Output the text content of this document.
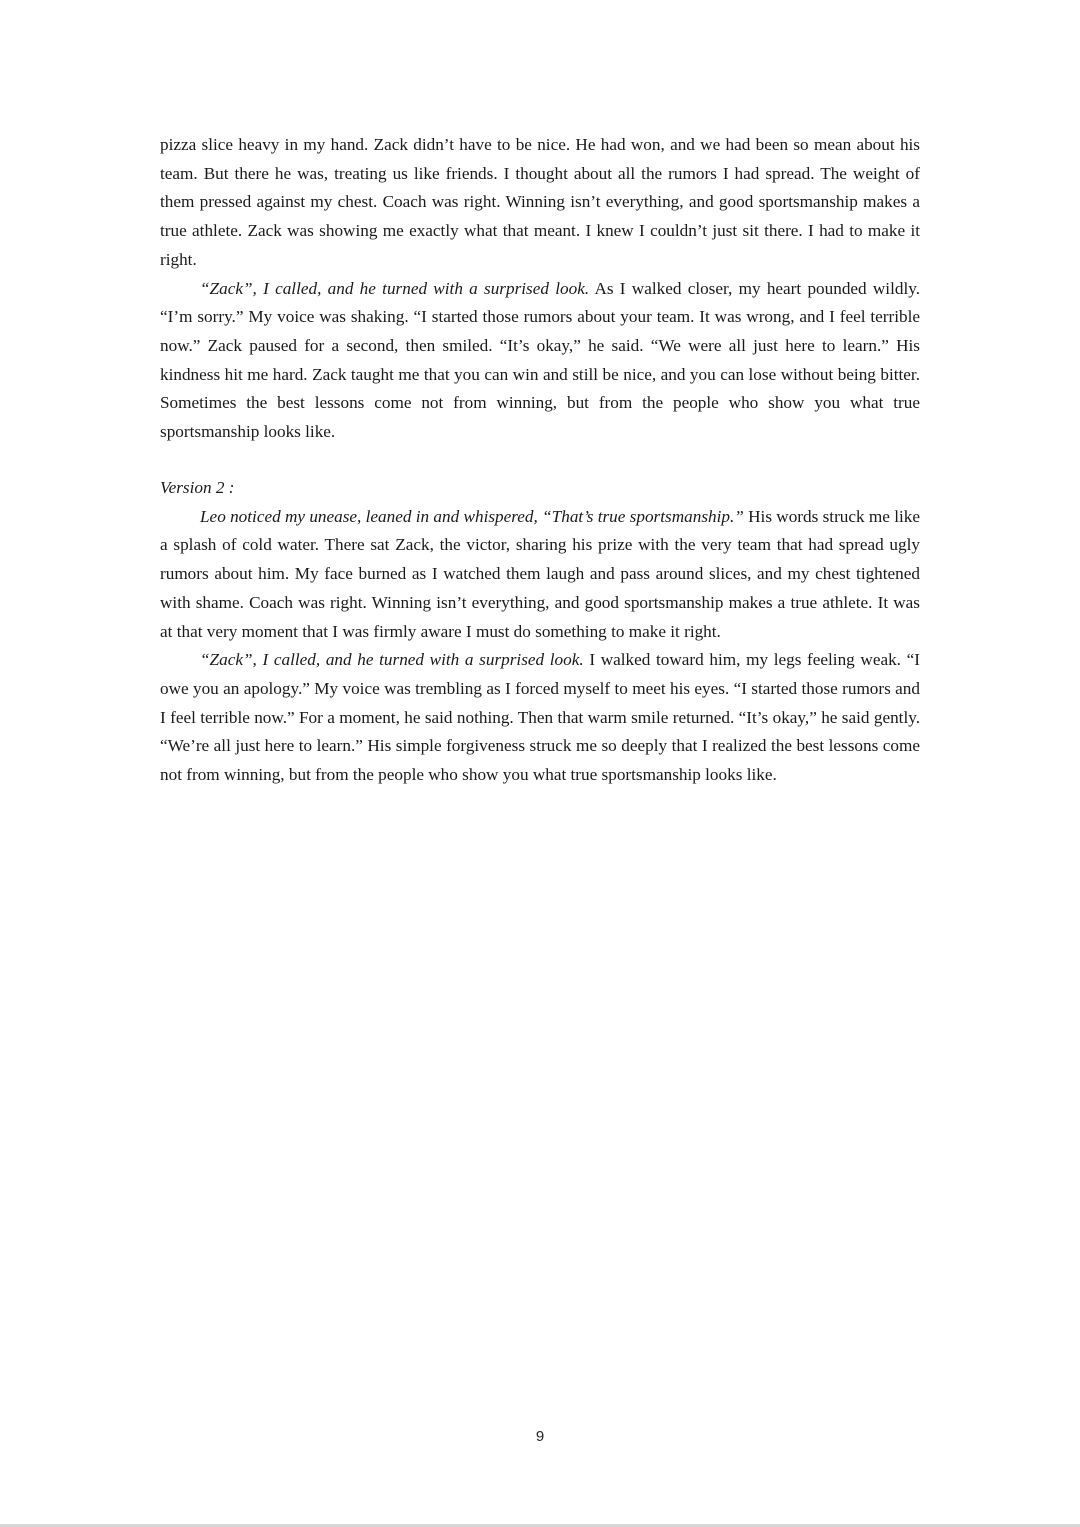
pizza slice heavy in my hand. Zack didn’t have to be nice. He had won, and we had been so mean about his team. But there he was, treating us like friends. I thought about all the rumors I had spread. The weight of them pressed against my chest. Coach was right. Winning isn’t everything, and good sportsmanship makes a true athlete. Zack was showing me exactly what that meant. I knew I couldn’t just sit there. I had to make it right.

“Zack”, I called, and he turned with a surprised look. As I walked closer, my heart pounded wildly. “I’m sorry.” My voice was shaking. “I started those rumors about your team. It was wrong, and I feel terrible now.” Zack paused for a second, then smiled. “It’s okay,” he said. “We were all just here to learn.” His kindness hit me hard. Zack taught me that you can win and still be nice, and you can lose without being bitter. Sometimes the best lessons come not from winning, but from the people who show you what true sportsmanship looks like.

Version 2 :

Leo noticed my unease, leaned in and whispered, “That’s true sportsmanship.” His words struck me like a splash of cold water. There sat Zack, the victor, sharing his prize with the very team that had spread ugly rumors about him. My face burned as I watched them laugh and pass around slices, and my chest tightened with shame. Coach was right. Winning isn’t everything, and good sportsmanship makes a true athlete. It was at that very moment that I was firmly aware I must do something to make it right.

“Zack”, I called, and he turned with a surprised look. I walked toward him, my legs feeling weak. “I owe you an apology.” My voice was trembling as I forced myself to meet his eyes. “I started those rumors and I feel terrible now.” For a moment, he said nothing. Then that warm smile returned. “It’s okay,” he said gently. “We’re all just here to learn.” His simple forgiveness struck me so deeply that I realized the best lessons come not from winning, but from the people who show you what true sportsmanship looks like.

9
